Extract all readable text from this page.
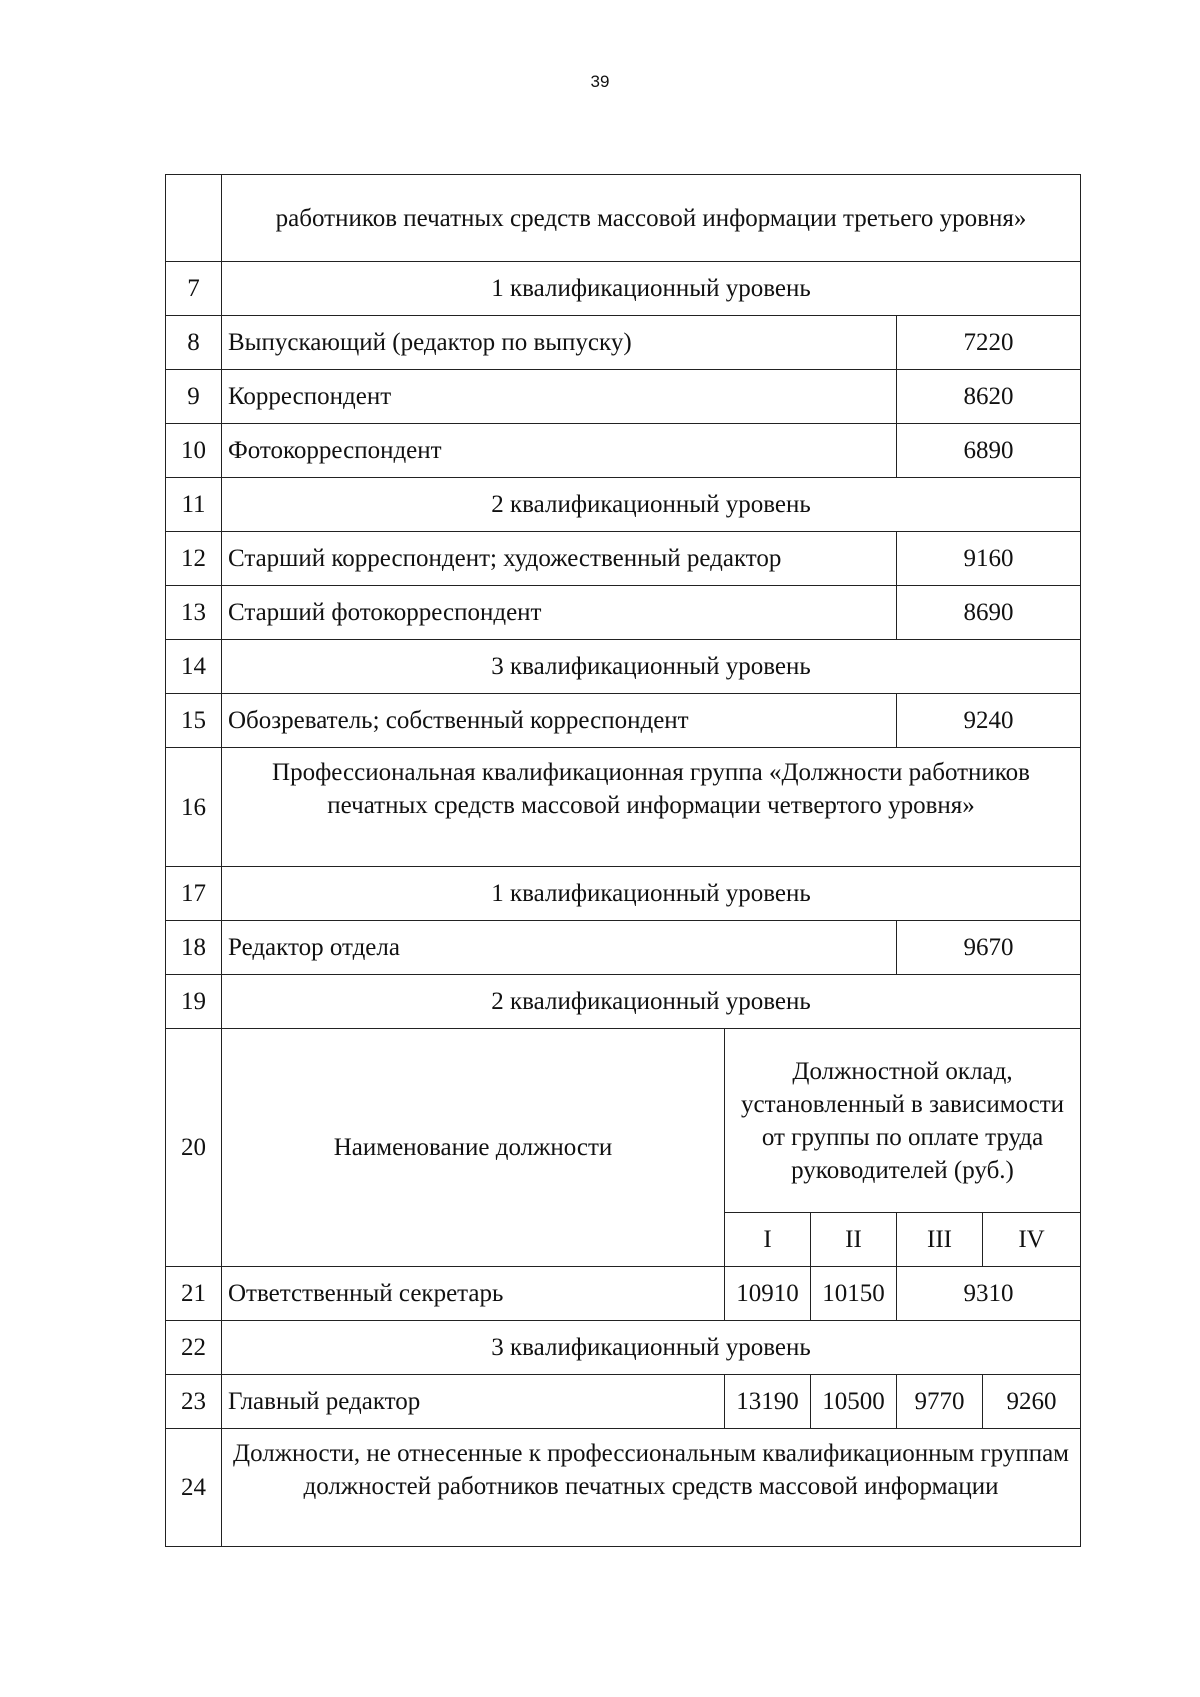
39
	работников печатных средств массовой информации третьего уровня»				
7	1 квалификационный уровень				
8	Выпускающий (редактор по выпуску)			7220	
9	Корреспондент			8620	
10	Фотокорреспондент			6890	
11	2 квалификационный уровень				
12	Старший корреспондент; художественный редактор			9160	
13	Старший фотокорреспондент			8690	
14	3 квалификационный уровень				
15	Обозреватель; собственный корреспондент			9240	
16	Профессиональная квалификационная группа «Должности работников печатных средств массовой информации четвертого уровня»				
17	1 квалификационный уровень				
18	Редактор отдела			9670	
19	2 квалификационный уровень				
20	Наименование должности	Должностной оклад, установленный в зависимости от группы по оплате труда руководителей (руб.)			
		I	II	III	IV
21	Ответственный секретарь	10910	10150	9310	
22	3 квалификационный уровень				
23	Главный редактор	13190	10500	9770	9260
24	Должности, не отнесенные к профессиональным квалификационным группам должностей работников печатных средств массовой информации				
